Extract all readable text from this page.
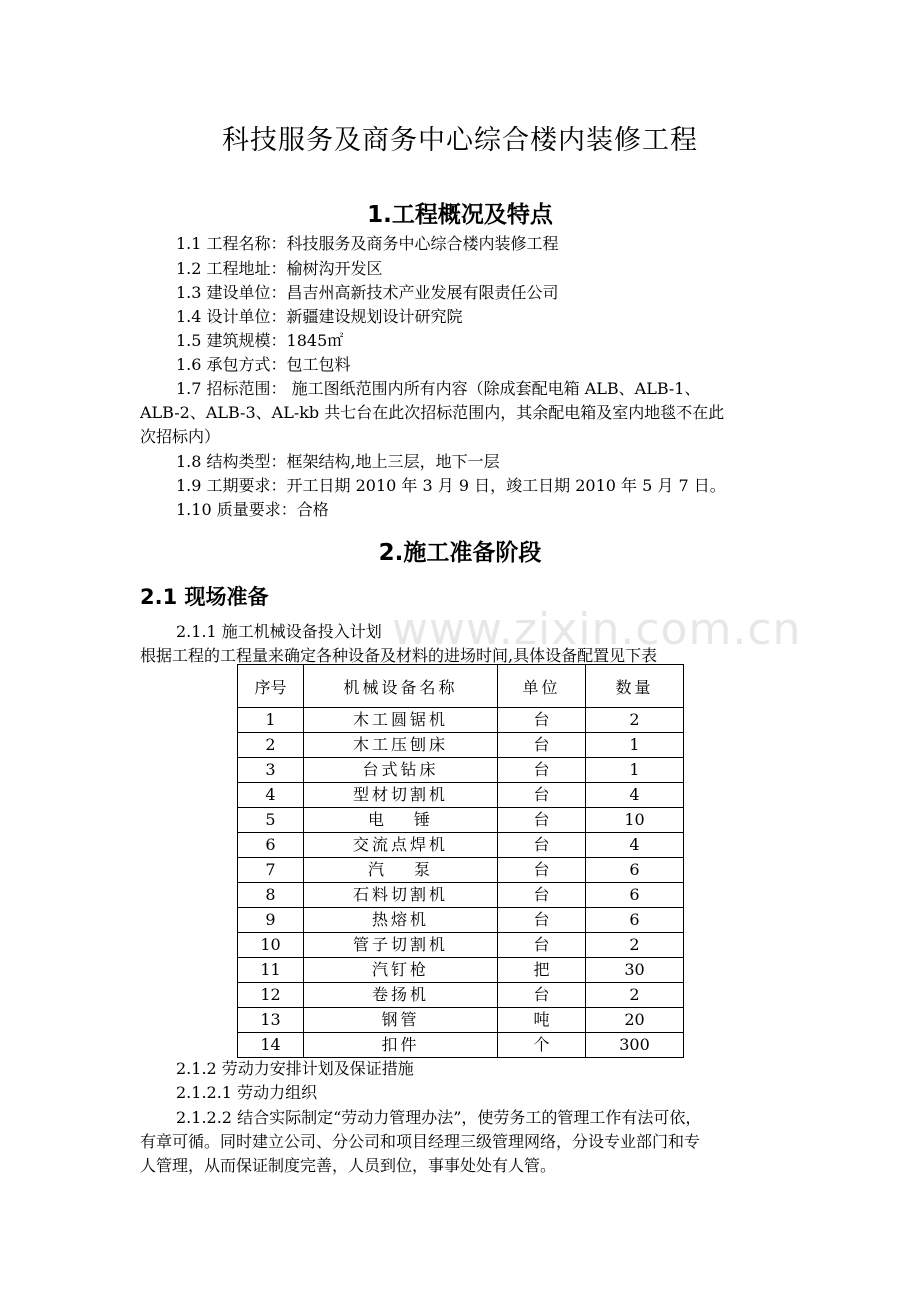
www.zixin.com.cn
科技服务及商务中心综合楼内装修工程
1.工程概况及特点
1.1 工程名称：科技服务及商务中心综合楼内装修工程
1.2 工程地址：榆树沟开发区
1.3 建设单位：昌吉州高新技术产业发展有限责任公司
1.4 设计单位：新疆建设规划设计研究院
1.5 建筑规模：1845㎡
1.6 承包方式：包工包料
1.7 招标范围： 施工图纸范围内所有内容（除成套配电箱 ALB、ALB-1、
ALB-2、ALB-3、AL-kb 共七台在此次招标范围内，其余配电箱及室内地毯不在此
次招标内）
1.8 结构类型：框架结构,地上三层，地下一层
1.9 工期要求：开工日期 2010 年 3 月 9 日，竣工日期 2010 年 5 月 7 日。
1.10 质量要求：合格
2.施工准备阶段
2.1 现场准备
2.1.1 施工机械设备投入计划
根据工程的工程量来确定各种设备及材料的进场时间,具体设备配置见下表
序号	机械设备名称	单位	数量
1	木工圆锯机	台	2
2	木工压刨床	台	1
3	台式钻床	台	1
4	型材切割机	台	4
5	电　 锤	台	10
6	交流点焊机	台	4
7	汽　 泵	台	6
8	石料切割机	台	6
9	热熔机	台	6
10	管子切割机	台	2
11	汽钉枪	把	30
12	卷扬机	台	2
13	钢管	吨	20
14	扣件	个	300
2.1.2 劳动力安排计划及保证措施
2.1.2.1 劳动力组织
2.1.2.2 结合实际制定“劳动力管理办法”，使劳务工的管理工作有法可依，
有章可循。同时建立公司、分公司和项目经理三级管理网络，分设专业部门和专
人管理，从而保证制度完善，人员到位，事事处处有人管。
